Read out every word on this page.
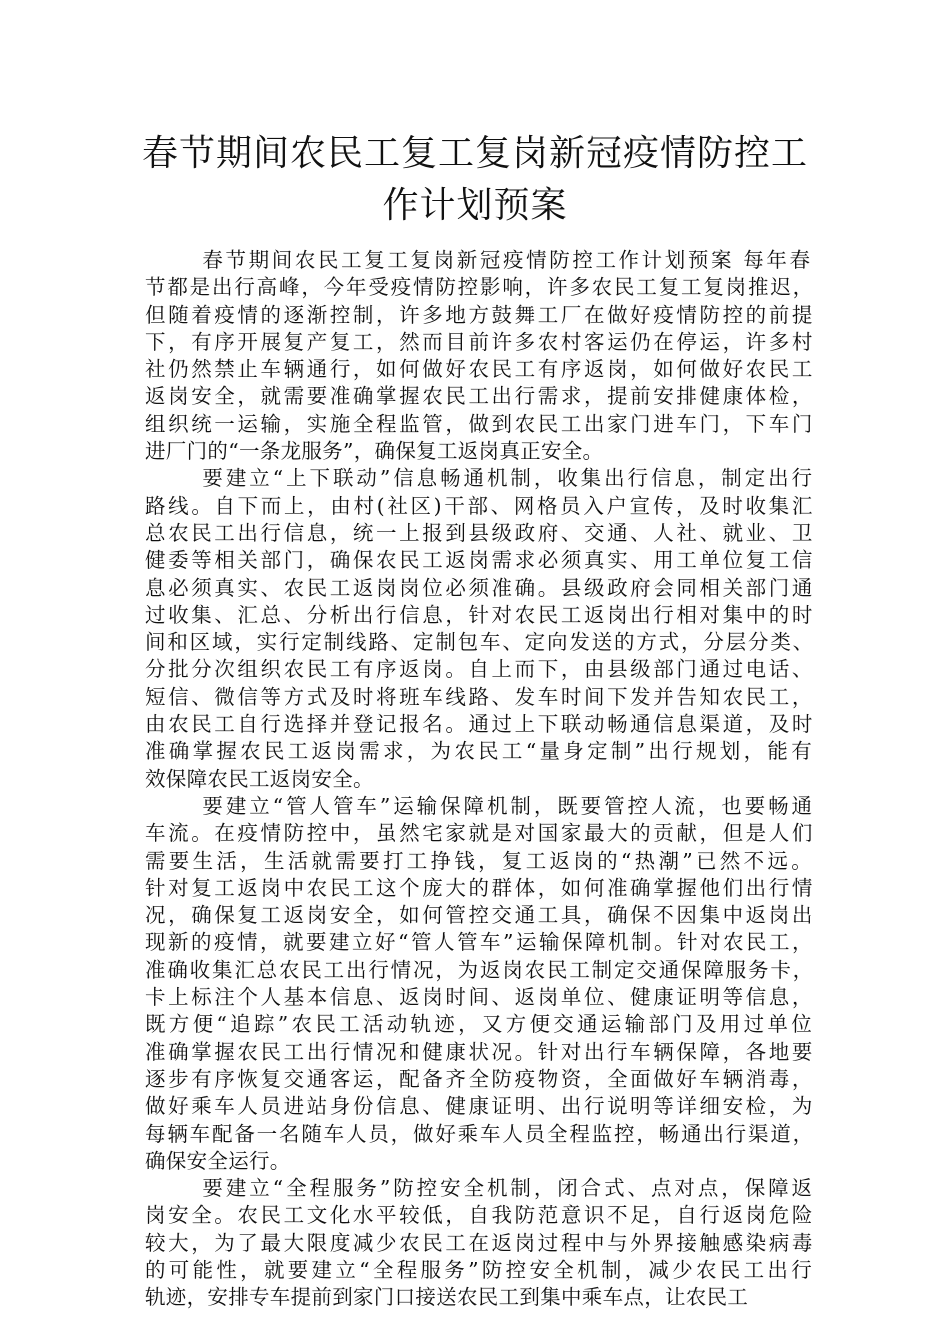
春节期间农民工复工复岗新冠疫情防控工
作计划预案

春节期间农民工复工复岗新冠疫情防控工作计划预案 每年春
节都是出行高峰，今年受疫情防控影响，许多农民工复工复岗推迟，
但随着疫情的逐渐控制，许多地方鼓舞工厂在做好疫情防控的前提
下，有序开展复产复工，然而目前许多农村客运仍在停运，许多村
社仍然禁止车辆通行，如何做好农民工有序返岗，如何做好农民工
返岗安全，就需要准确掌握农民工出行需求，提前安排健康体检，
组织统一运输，实施全程监管，做到农民工出家门进车门，下车门
进厂门的“一条龙服务”，确保复工返岗真正安全。

要建立“上下联动”信息畅通机制，收集出行信息，制定出行
路线。自下而上，由村(社区)干部、网格员入户宣传，及时收集汇
总农民工出行信息，统一上报到县级政府、交通、人社、就业、卫
健委等相关部门，确保农民工返岗需求必须真实、用工单位复工信
息必须真实、农民工返岗岗位必须准确。县级政府会同相关部门通
过收集、汇总、分析出行信息，针对农民工返岗出行相对集中的时
间和区域，实行定制线路、定制包车、定向发送的方式，分层分类、
分批分次组织农民工有序返岗。自上而下，由县级部门通过电话、
短信、微信等方式及时将班车线路、发车时间下发并告知农民工，
由农民工自行选择并登记报名。通过上下联动畅通信息渠道，及时
准确掌握农民工返岗需求，为农民工“量身定制”出行规划，能有
效保障农民工返岗安全。

要建立“管人管车”运输保障机制，既要管控人流，也要畅通
车流。在疫情防控中，虽然宅家就是对国家最大的贡献，但是人们
需要生活，生活就需要打工挣钱，复工返岗的“热潮”已然不远。
针对复工返岗中农民工这个庞大的群体，如何准确掌握他们出行情
况，确保复工返岗安全，如何管控交通工具，确保不因集中返岗出
现新的疫情，就要建立好“管人管车”运输保障机制。针对农民工，
准确收集汇总农民工出行情况，为返岗农民工制定交通保障服务卡，
卡上标注个人基本信息、返岗时间、返岗单位、健康证明等信息，
既方便“追踪”农民工活动轨迹，又方便交通运输部门及用过单位
准确掌握农民工出行情况和健康状况。针对出行车辆保障，各地要
逐步有序恢复交通客运，配备齐全防疫物资，全面做好车辆消毒，
做好乘车人员进站身份信息、健康证明、出行说明等详细安检，为
每辆车配备一名随车人员，做好乘车人员全程监控，畅通出行渠道，
确保安全运行。

要建立“全程服务”防控安全机制，闭合式、点对点，保障返
岗安全。农民工文化水平较低，自我防范意识不足，自行返岗危险
较大，为了最大限度减少农民工在返岗过程中与外界接触感染病毒
的可能性，就要建立“全程服务”防控安全机制，减少农民工出行
轨迹，安排专车提前到家门口接送农民工到集中乘车点，让农民工
